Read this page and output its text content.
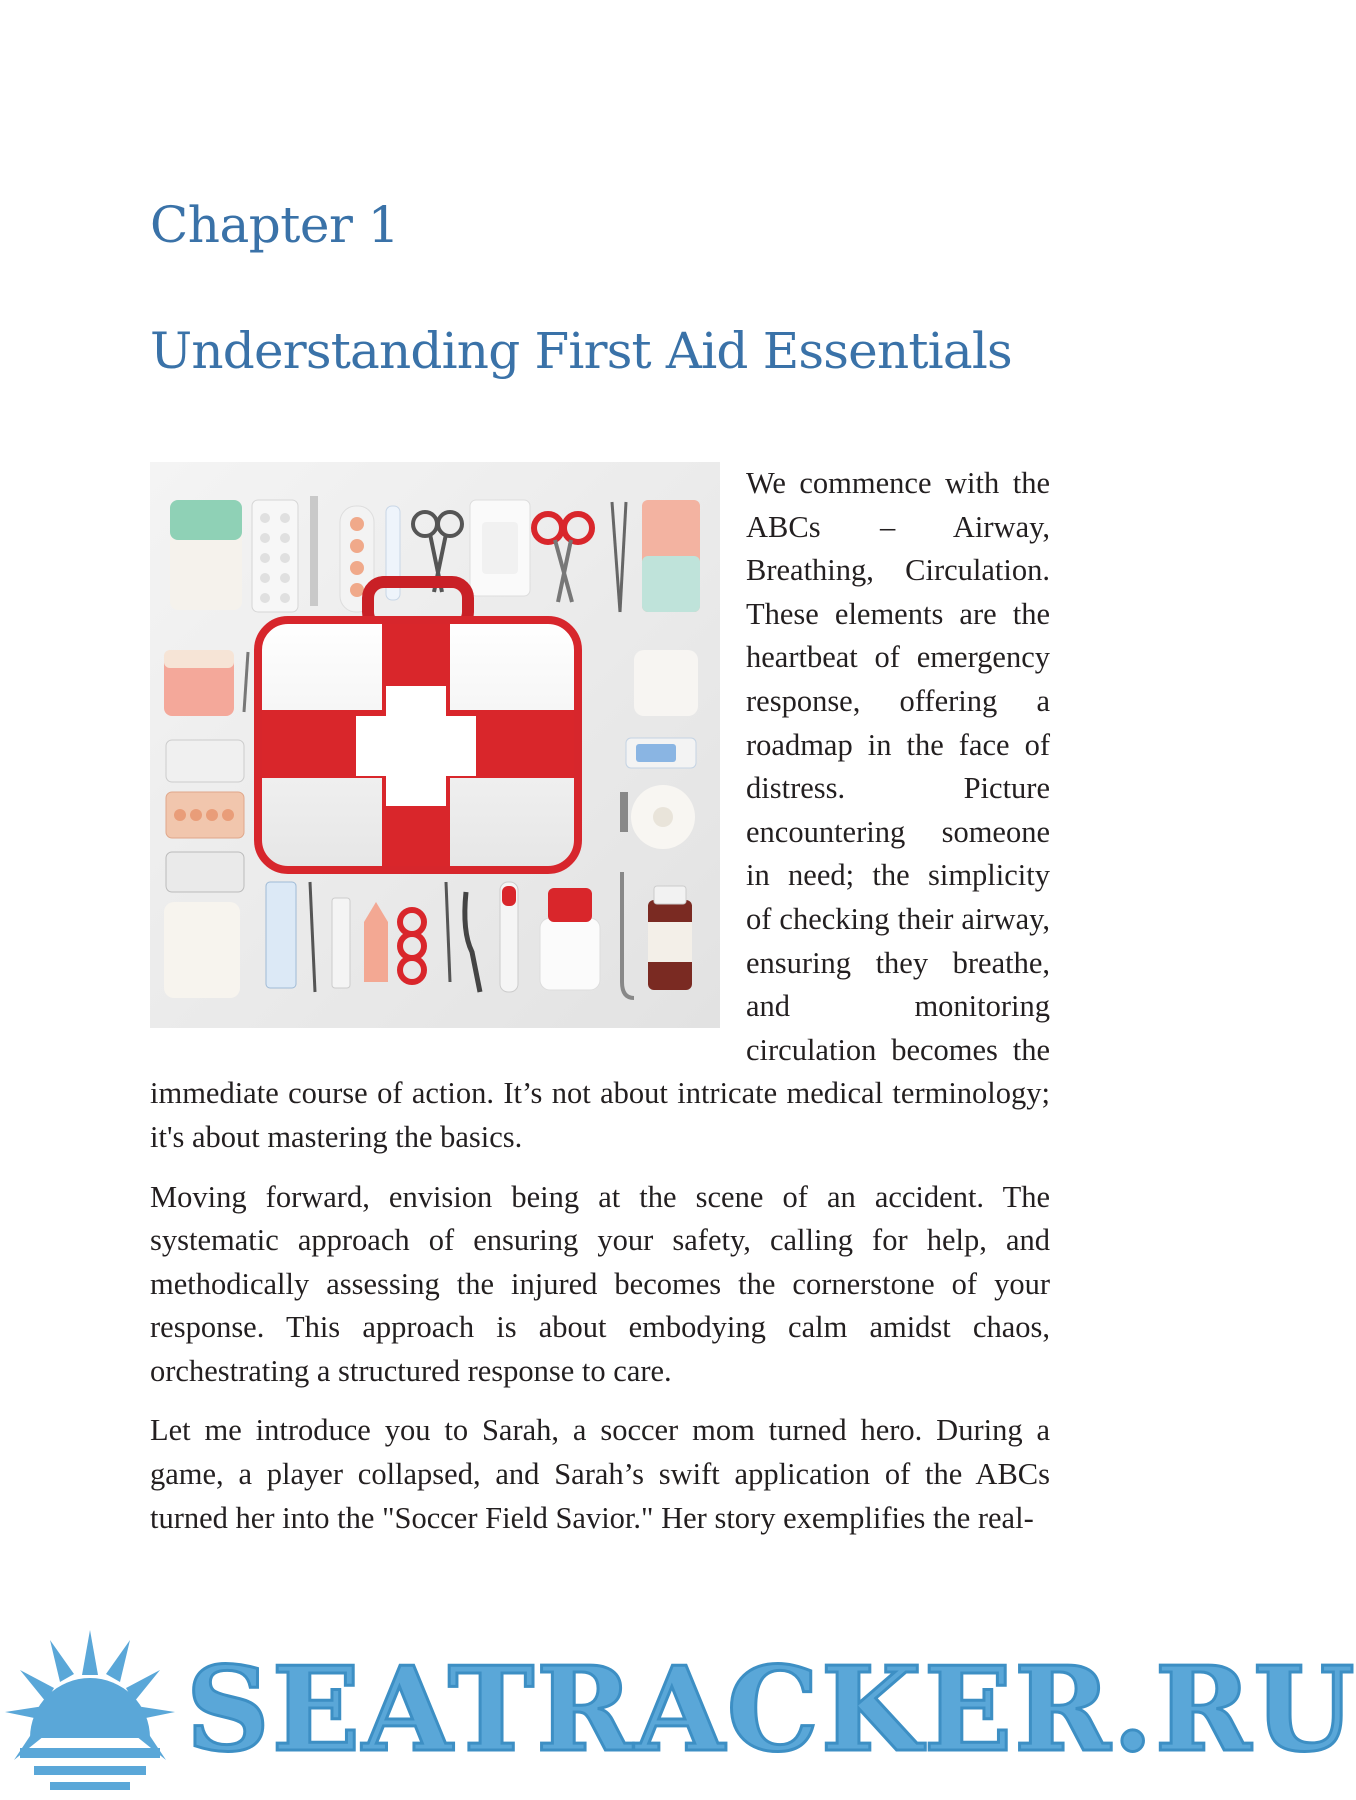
Chapter 1
Understanding First Aid Essentials

We commence with the ABCs – Airway, Breathing, Circulation. These elements are the heartbeat of emergency response, offering a roadmap in the face of distress. Picture encountering someone in need; the simplicity of checking their airway, ensuring they breathe, and monitoring circulation becomes the immediate course of action. It’s not about intricate medical terminology; it's about mastering the basics.

Moving forward, envision being at the scene of an accident. The systematic approach of ensuring your safety, calling for help, and methodically assessing the injured becomes the cornerstone of your response. This approach is about embodying calm amidst chaos, orchestrating a structured response to care.

Let me introduce you to Sarah, a soccer mom turned hero. During a game, a player collapsed, and Sarah’s swift application of the ABCs turned her into the "Soccer Field Savior." Her story exemplifies the real-

SEATRACKER.RU
